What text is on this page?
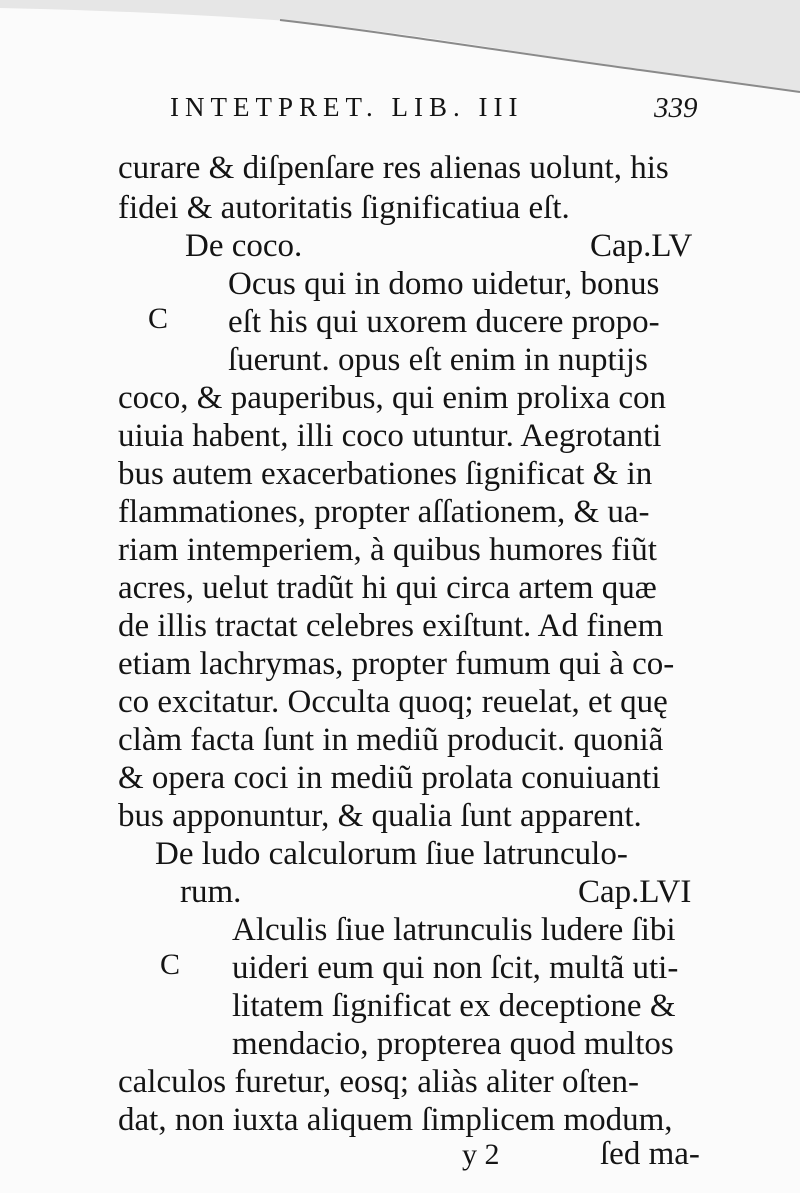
INTETPRET. LIB. III	339
curare & diſpenſare res alienas uolunt, his
fidei & autoritatis ſignificatiua eſt.
De coco.	Cap.LV
Ocus qui in domo uidetur, bonus
C eſt his qui uxorem ducere propo-
ſuerunt. opus eſt enim in nuptijs
coco, & pauperibus, qui enim prolixa con
uiuia habent, illi coco utuntur. Aegrotanti
bus autem exacerbationes ſignificat & in
flammationes, propter aſſationem, & ua-
riam intemperiem, à quibus humores fiũt
acres, uelut tradũt hi qui circa artem quæ
de illis tractat celebres exiſtunt. Ad finem
etiam lachrymas, propter fumum qui à co-
co excitatur. Occulta quoq; reuelat, et quę
clàm facta ſunt in mediũ producit. quoniã
& opera coci in mediũ prolata conuiuanti
bus apponuntur, & qualia ſunt apparent.
De ludo calculorum ſiue latrunculo-
rum.	Cap.LVI
Alculis ſiue latrunculis ludere ſibi
C uideri eum qui non ſcit, multã uti-
litatem ſignificat ex deceptione &
mendacio, propterea quod multos
calculos furetur, eosq; aliàs aliter oſten-
dat, non iuxta aliquem ſimplicem modum,
y 2	ſed ma-
